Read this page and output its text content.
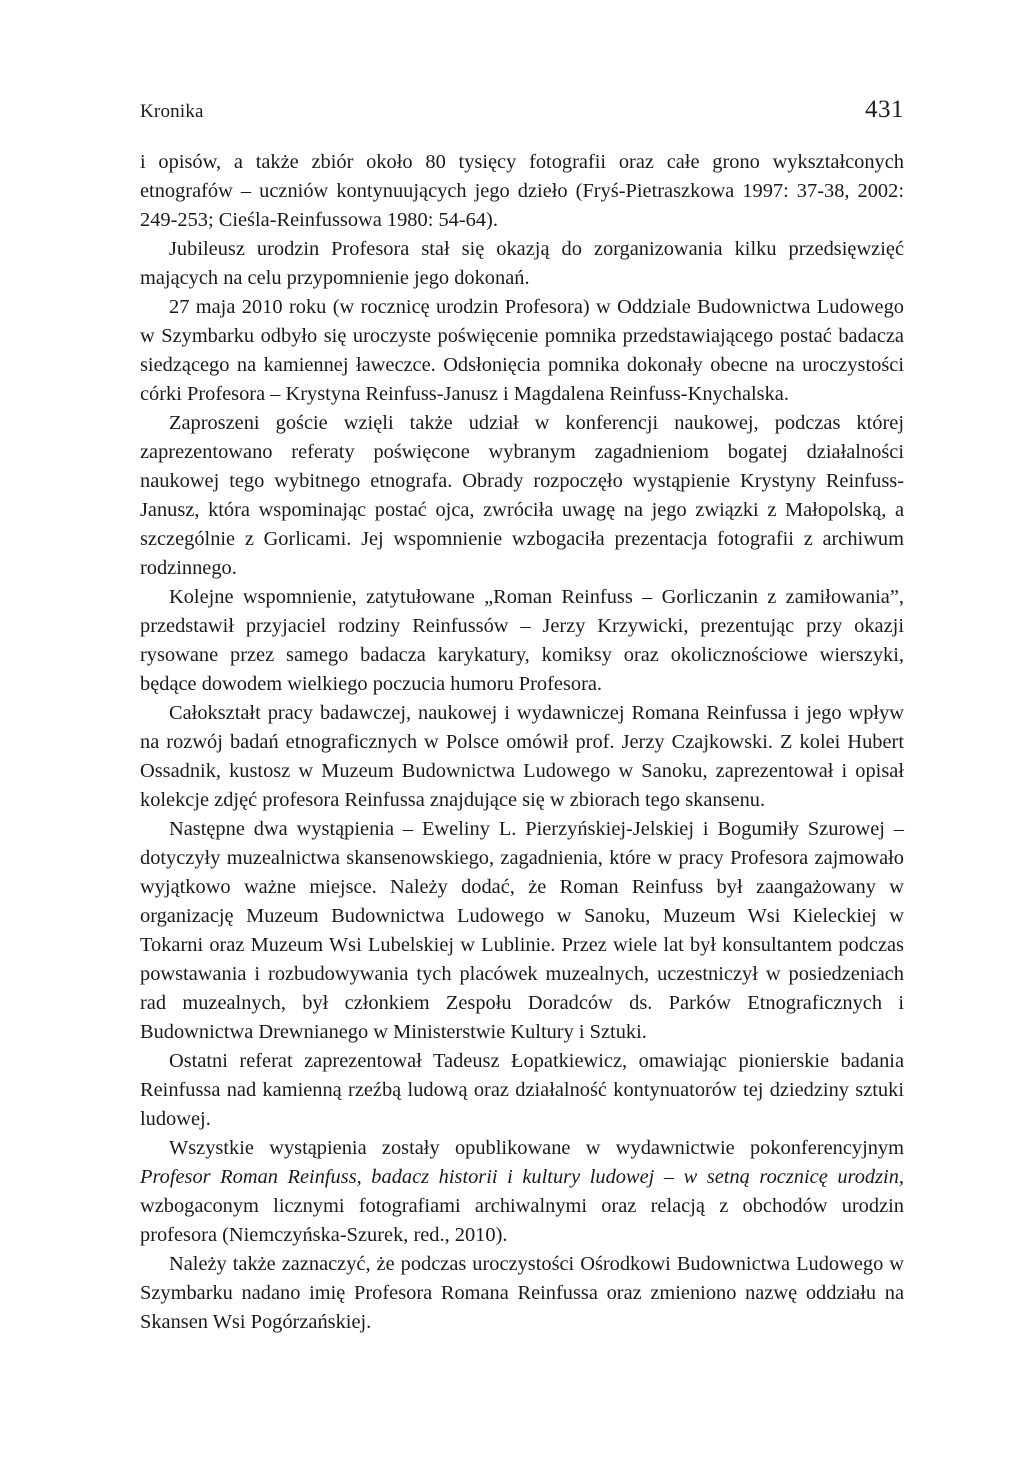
Kronika	431

i opisów, a także zbiór około 80 tysięcy fotografii oraz całe grono wykształconych etnografów – uczniów kontynuujących jego dzieło (Fryś-Pietraszkowa 1997: 37-38, 2002: 249-253; Cieśla-Reinfussowa 1980: 54-64).

Jubileusz urodzin Profesora stał się okazją do zorganizowania kilku przedsięwzięć mających na celu przypomnienie jego dokonań.

27 maja 2010 roku (w rocznicę urodzin Profesora) w Oddziale Budownictwa Ludowego w Szymbarku odbyło się uroczyste poświęcenie pomnika przedstawiającego postać badacza siedzącego na kamiennej ławeczce. Odsłonięcia pomnika dokonały obecne na uroczystości córki Profesora – Krystyna Reinfuss-Janusz i Magdalena Reinfuss-Knychalska.

Zaproszeni goście wzięli także udział w konferencji naukowej, podczas której zaprezentowano referaty poświęcone wybranym zagadnieniom bogatej działalności naukowej tego wybitnego etnografa. Obrady rozpoczęło wystąpienie Krystyny Reinfuss-Janusz, która wspominając postać ojca, zwróciła uwagę na jego związki z Małopolską, a szczególnie z Gorlicami. Jej wspomnienie wzbogaciła prezentacja fotografii z archiwum rodzinnego.

Kolejne wspomnienie, zatytułowane „Roman Reinfuss – Gorliczanin z zamiłowania”, przedstawił przyjaciel rodziny Reinfussów – Jerzy Krzywicki, prezentując przy okazji rysowane przez samego badacza karykatury, komiksy oraz okolicznościowe wierszyki, będące dowodem wielkiego poczucia humoru Profesora.

Całokształt pracy badawczej, naukowej i wydawniczej Romana Reinfussa i jego wpływ na rozwój badań etnograficznych w Polsce omówił prof. Jerzy Czajkowski. Z kolei Hubert Ossadnik, kustosz w Muzeum Budownictwa Ludowego w Sanoku, zaprezentował i opisał kolekcje zdjęć profesora Reinfussa znajdujące się w zbiorach tego skansenu.

Następne dwa wystąpienia – Eweliny L. Pierzyńskiej-Jelskiej i Bogumiły Szurowej – dotyczyły muzealnictwa skansenowskiego, zagadnienia, które w pracy Profesora zajmowało wyjątkowo ważne miejsce. Należy dodać, że Roman Reinfuss był zaangażowany w organizację Muzeum Budownictwa Ludowego w Sanoku, Muzeum Wsi Kieleckiej w Tokarni oraz Muzeum Wsi Lubelskiej w Lublinie. Przez wiele lat był konsultantem podczas powstawania i rozbudowywania tych placówek muzealnych, uczestniczył w posiedzeniach rad muzealnych, był członkiem Zespołu Doradców ds. Parków Etnograficznych i Budownictwa Drewnianego w Ministerstwie Kultury i Sztuki.

Ostatni referat zaprezentował Tadeusz Łopatkiewicz, omawiając pionierskie badania Reinfussa nad kamienną rzeźbą ludową oraz działalność kontynuatorów tej dziedziny sztuki ludowej.

Wszystkie wystąpienia zostały opublikowane w wydawnictwie pokonferencyjnym Profesor Roman Reinfuss, badacz historii i kultury ludowej – w setną rocznicę urodzin, wzbogaconym licznymi fotografiami archiwalnymi oraz relacją z obchodów urodzin profesora (Niemczyńska-Szurek, red., 2010).

Należy także zaznaczyć, że podczas uroczystości Ośrodkowi Budownictwa Ludowego w Szymbarku nadano imię Profesora Romana Reinfussa oraz zmieniono nazwę oddziału na Skansen Wsi Pogórzańskiej.
